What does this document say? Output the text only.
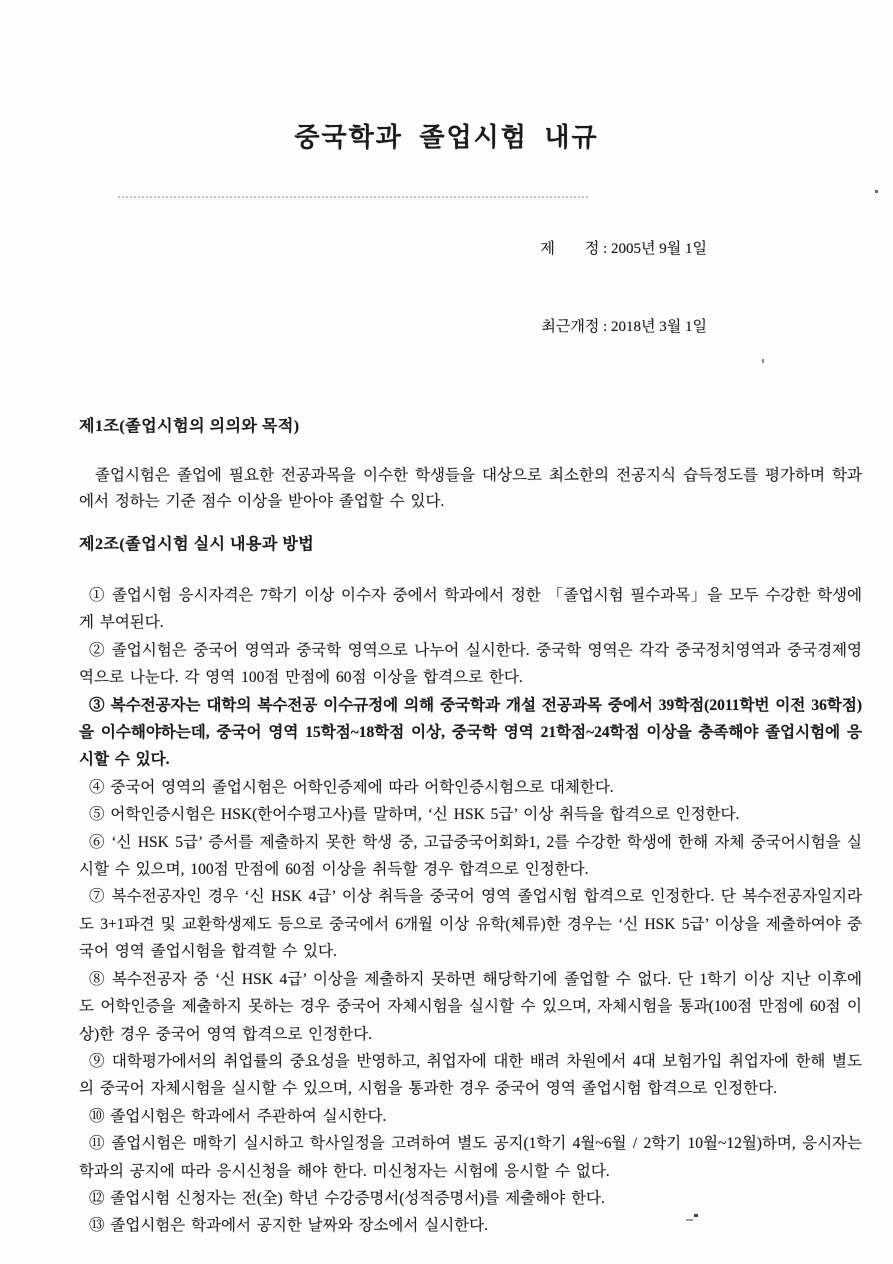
중국학과 졸업시험 내규

제　　정 : 2005년 9월 1일

최근개정 : 2018년 3월 1일

제1조(졸업시험의 의의와 목적)

졸업시험은 졸업에 필요한 전공과목을 이수한 학생들을 대상으로 최소한의 전공지식 습득정도를 평가하며 학과에서 정하는 기준 점수 이상을 받아야 졸업할 수 있다.

제2조(졸업시험 실시 내용과 방법

① 졸업시험 응시자격은 7학기 이상 이수자 중에서 학과에서 정한 「졸업시험 필수과목」을 모두 수강한 학생에게 부여된다.

② 졸업시험은 중국어 영역과 중국학 영역으로 나누어 실시한다. 중국학 영역은 각각 중국정치영역과 중국경제영역으로 나눈다. 각 영역 100점 만점에 60점 이상을 합격으로 한다.

③ 복수전공자는 대학의 복수전공 이수규정에 의해 중국학과 개설 전공과목 중에서 39학점(2011학번 이전 36학점)을 이수해야하는데, 중국어 영역 15학점~18학점 이상, 중국학 영역 21학점~24학점 이상을 충족해야 졸업시험에 응시할 수 있다.

④ 중국어 영역의 졸업시험은 어학인증제에 따라 어학인증시험으로 대체한다.

⑤ 어학인증시험은 HSK(한어수평고사)를 말하며, ‘신 HSK 5급’ 이상 취득을 합격으로 인정한다.

⑥ ‘신 HSK 5급’ 증서를 제출하지 못한 학생 중, 고급중국어회화1, 2를 수강한 학생에 한해 자체 중국어시험을 실시할 수 있으며, 100점 만점에 60점 이상을 취득할 경우 합격으로 인정한다.

⑦ 복수전공자인 경우 ‘신 HSK 4급’ 이상 취득을 중국어 영역 졸업시험 합격으로 인정한다. 단 복수전공자일지라도 3+1파견 및 교환학생제도 등으로 중국에서 6개월 이상 유학(체류)한 경우는 ‘신 HSK 5급’ 이상을 제출하여야 중국어 영역 졸업시험을 합격할 수 있다.

⑧ 복수전공자 중 ‘신 HSK 4급’ 이상을 제출하지 못하면 해당학기에 졸업할 수 없다. 단 1학기 이상 지난 이후에도 어학인증을 제출하지 못하는 경우 중국어 자체시험을 실시할 수 있으며, 자체시험을 통과(100점 만점에 60점 이상)한 경우 중국어 영역 합격으로 인정한다.

⑨ 대학평가에서의 취업률의 중요성을 반영하고, 취업자에 대한 배려 차원에서 4대 보험가입 취업자에 한해 별도의 중국어 자체시험을 실시할 수 있으며, 시험을 통과한 경우 중국어 영역 졸업시험 합격으로 인정한다.

⑩ 졸업시험은 학과에서 주관하여 실시한다.

⑪ 졸업시험은 매학기 실시하고 학사일정을 고려하여 별도 공지(1학기 4월~6월 / 2학기 10월~12월)하며, 응시자는 학과의 공지에 따라 응시신청을 해야 한다. 미신청자는 시험에 응시할 수 없다.

⑫ 졸업시험 신청자는 전(全) 학년 수강증명서(성적증명서)를 제출해야 한다.

⑬ 졸업시험은 학과에서 공지한 날짜와 장소에서 실시한다.
